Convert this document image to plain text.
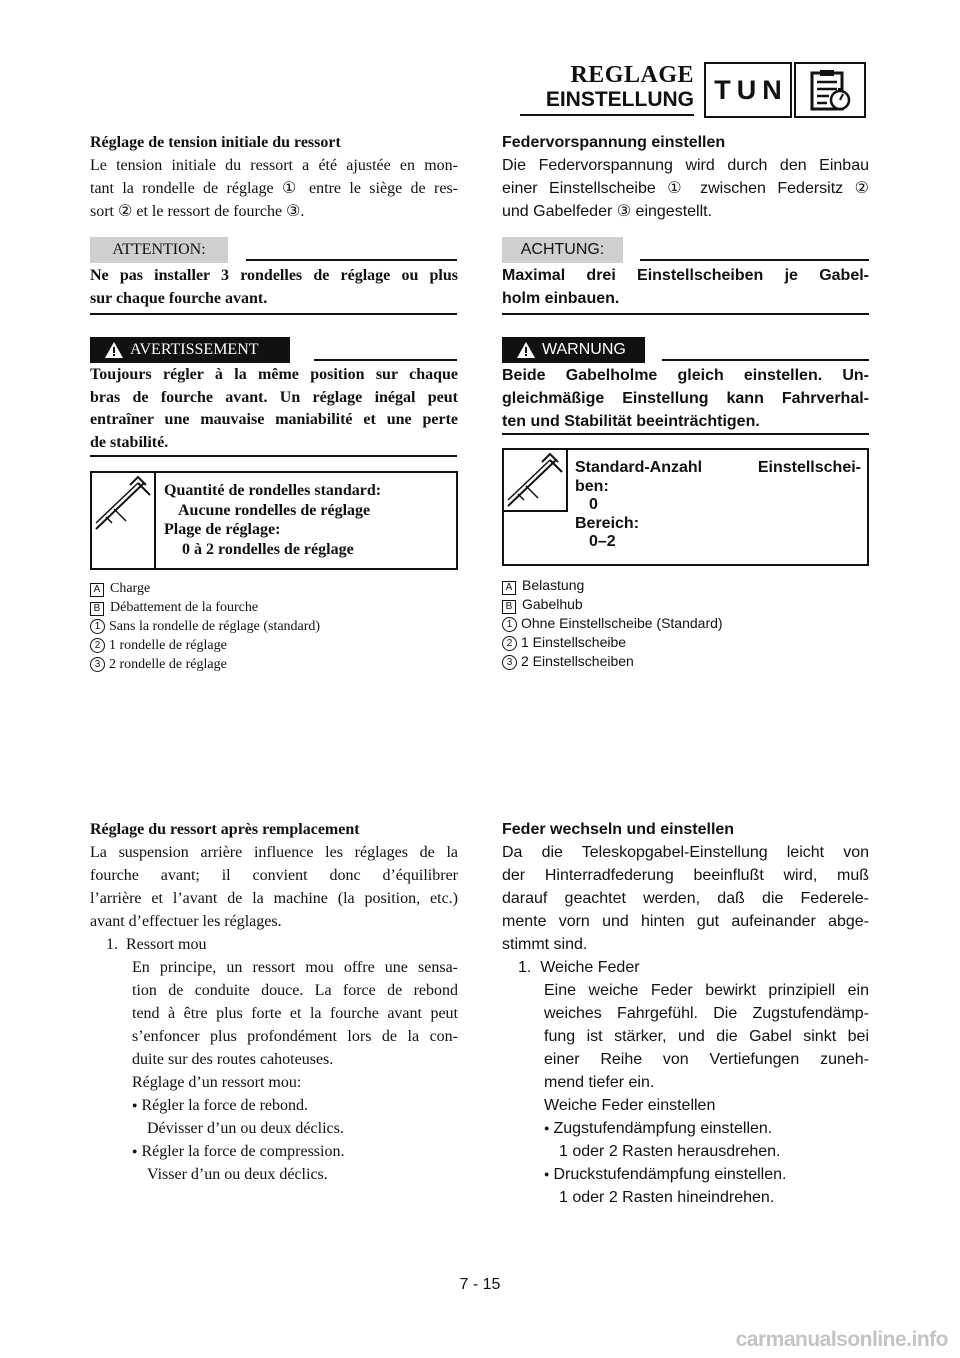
REGLAGE
EINSTELLUNG TUN

Réglage de tension initiale du ressort

Le tension initiale du ressort a été ajustée en mon-

tant la rondelle de réglage ① entre le siège de res-

sort ② et le ressort de fourche ③.

ATTENTION:

Ne pas installer 3 rondelles de réglage ou plus

sur chaque fourche avant.

AVERTISSEMENT

Toujours régler à la même position sur chaque

bras de fourche avant. Un réglage inégal peut

entraîner une mauvaise maniabilité et une perte

de stabilité.

Quantité de rondelles standard:
Aucune rondelles de réglage
Plage de réglage:
0 à 2 rondelles de réglage
A Charge
B Débattement de la fourche
1 Sans la rondelle de réglage (standard)
2 1 rondelle de réglage
3 2 rondelle de réglage

Federvorspannung einstellen

Die Federvorspannung wird durch den Einbau

einer Einstellscheibe ① zwischen Federsitz ②

und Gabelfeder ③ eingestellt.

ACHTUNG:

Maximal drei Einstellscheiben je Gabel-

holm einbauen.

WARNUNG

Beide Gabelholme gleich einstellen. Un-

gleichmäßige Einstellung kann Fahrverhal-

ten und Stabilität beeinträchtigen.

Standard-Anzahl	Einstellschei-
ben:
0
Bereich:
0–2
A Belastung
B Gabelhub
1 Ohne Einstellscheibe (Standard)
2 1 Einstellscheibe
3 2 Einstellscheiben

Réglage du ressort après remplacement

La suspension arrière influence les réglages de la

fourche avant; il convient donc d’équilibrer

l’arrière et l’avant de la machine (la position, etc.)

avant d’effectuer les réglages.

1.  Ressort mou

En principe, un ressort mou offre une sensa-

tion de conduite douce. La force de rebond

tend à être plus forte et la fourche avant peut

s’enfoncer plus profondément lors de la con-

duite sur des routes cahoteuses.

Réglage d’un ressort mou:

● Régler la force de rebond.

Dévisser d’un ou deux déclics.

● Régler la force de compression.

Visser d’un ou deux déclics.

Feder wechseln und einstellen

Da die Teleskopgabel-Einstellung leicht von

der Hinterradfederung beeinflußt wird, muß

darauf geachtet werden, daß die Federele-

mente vorn und hinten gut aufeinander abge-

stimmt sind.

1.  Weiche Feder

Eine weiche Feder bewirkt prinzipiell ein

weiches Fahrgefühl. Die Zugstufendämp-

fung ist stärker, und die Gabel sinkt bei

einer Reihe von Vertiefungen zuneh-

mend tiefer ein.

Weiche Feder einstellen

● Zugstufendämpfung einstellen.

1 oder 2 Rasten herausdrehen.

● Druckstufendämpfung einstellen.

1 oder 2 Rasten hineindrehen.

7 - 15
carmanualsonline.info
